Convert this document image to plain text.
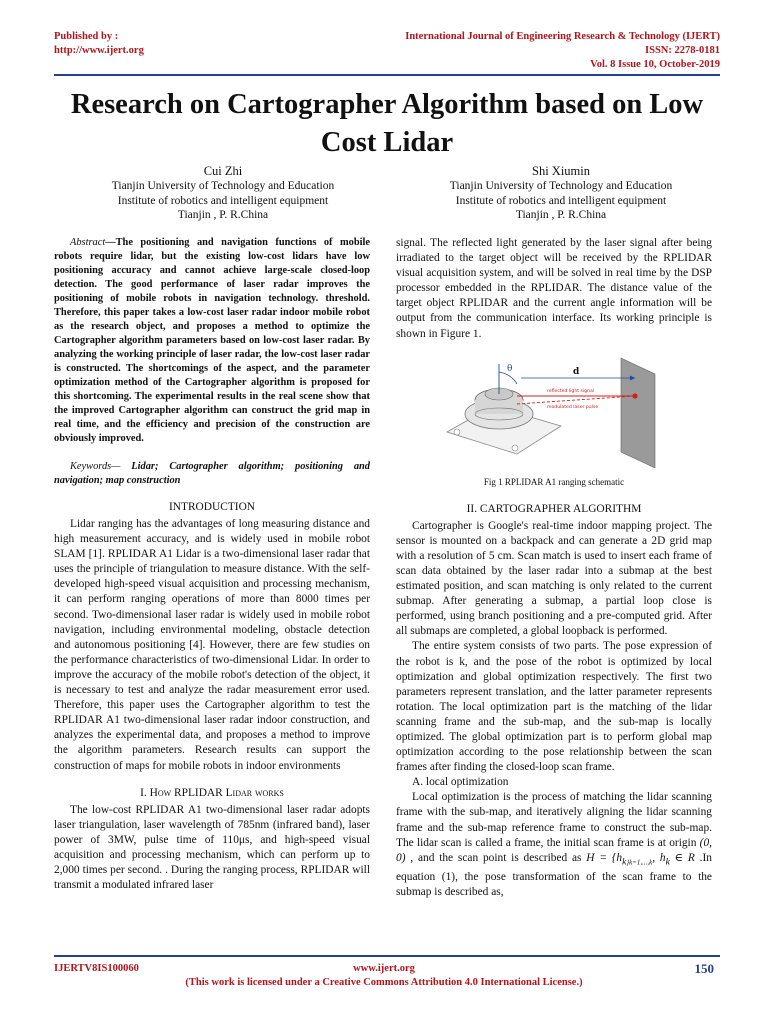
Published by :
http://www.ijert.org
International Journal of Engineering Research & Technology (IJERT)
ISSN: 2278-0181
Vol. 8 Issue 10, October-2019
Research on Cartographer Algorithm based on Low Cost Lidar
Cui Zhi
Tianjin University of Technology and Education
Institute of robotics and intelligent equipment
Tianjin , P. R.China
Shi Xiumin
Tianjin University of Technology and Education
Institute of robotics and intelligent equipment
Tianjin , P. R.China

Abstract—The positioning and navigation functions of mobile robots require lidar, but the existing low-cost lidars have low positioning accuracy and cannot achieve large-scale closed-loop detection. The good performance of laser radar improves the positioning of mobile robots in navigation technology. threshold. Therefore, this paper takes a low-cost laser radar indoor mobile robot as the research object, and proposes a method to optimize the Cartographer algorithm parameters based on low-cost laser radar. By analyzing the working principle of laser radar, the low-cost laser radar is constructed. The shortcomings of the aspect, and the parameter optimization method of the Cartographer algorithm is proposed for this shortcoming. The experimental results in the real scene show that the improved Cartographer algorithm can construct the grid map in real time, and the efficiency and precision of the construction are obviously improved.

Keywords— Lidar; Cartographer algorithm; positioning and navigation; map construction

INTRODUCTION

Lidar ranging has the advantages of long measuring distance and high measurement accuracy, and is widely used in mobile robot SLAM [1]. RPLIDAR A1 Lidar is a two-dimensional laser radar that uses the principle of triangulation to measure distance. With the self-developed high-speed visual acquisition and processing mechanism, it can perform ranging operations of more than 8000 times per second. Two-dimensional laser radar is widely used in mobile robot navigation, including environmental modeling, obstacle detection and autonomous positioning [4]. However, there are few studies on the performance characteristics of two-dimensional Lidar. In order to improve the accuracy of the mobile robot's detection of the object, it is necessary to test and analyze the radar measurement error used. Therefore, this paper uses the Cartographer algorithm to test the RPLIDAR A1 two-dimensional laser radar indoor construction, and analyzes the experimental data, and proposes a method to improve the algorithm parameters. Research results can support the construction of maps for mobile robots in indoor environments

I. How RPLIDAR Lidar works

The low-cost RPLIDAR A1 two-dimensional laser radar adopts laser triangulation, laser wavelength of 785nm (infrared band), laser power of 3MW, pulse time of 110μs, and high-speed visual acquisition and processing mechanism, which can perform up to 2,000 times per second. . During the ranging process, RPLIDAR will transmit a modulated infrared laser

signal. The reflected light generated by the laser signal after being irradiated to the target object will be received by the RPLIDAR visual acquisition system, and will be solved in real time by the DSP processor embedded in the RPLIDAR. The distance value of the target object RPLIDAR and the current angle information will be output from the communication interface. Its working principle is shown in Figure 1.

θ	d
reflected light signal
modulated laser pulse
Fig 1 RPLIDAR A1 ranging schematic
II. CARTOGRAPHER ALGORITHM

Cartographer is Google's real-time indoor mapping project. The sensor is mounted on a backpack and can generate a 2D grid map with a resolution of 5 cm. Scan match is used to insert each frame of scan data obtained by the laser radar into a submap at the best estimated position, and scan matching is only related to the current submap. After generating a submap, a partial loop close is performed, using branch positioning and a pre-computed grid. After all submaps are completed, a global loopback is performed.

The entire system consists of two parts. The pose expression of the robot is k, and the pose of the robot is optimized by local optimization and global optimization respectively. The first two parameters represent translation, and the latter parameter represents rotation. The local optimization part is the matching of the lidar scanning frame and the sub-map, and the sub-map is locally optimized. The global optimization part is to perform global map optimization according to the pose relationship between the scan frames after finding the closed-loop scan frame.

A. local optimization

Local optimization is the process of matching the lidar scanning frame with the sub-map, and iteratively aligning the lidar scanning frame and the sub-map reference frame to construct the sub-map. The lidar scan is called a frame, the initial scan frame is at origin (0, 0) , and the scan point is described as $H = \{h_{k\}k=1,...,k}$, $h_k$ ∈ R .In equation (1), the pose transformation of the scan frame to the submap is described as,

IJERTV8IS100060	www.ijert.org
(This work is licensed under a Creative Commons Attribution 4.0 International License.)
150
